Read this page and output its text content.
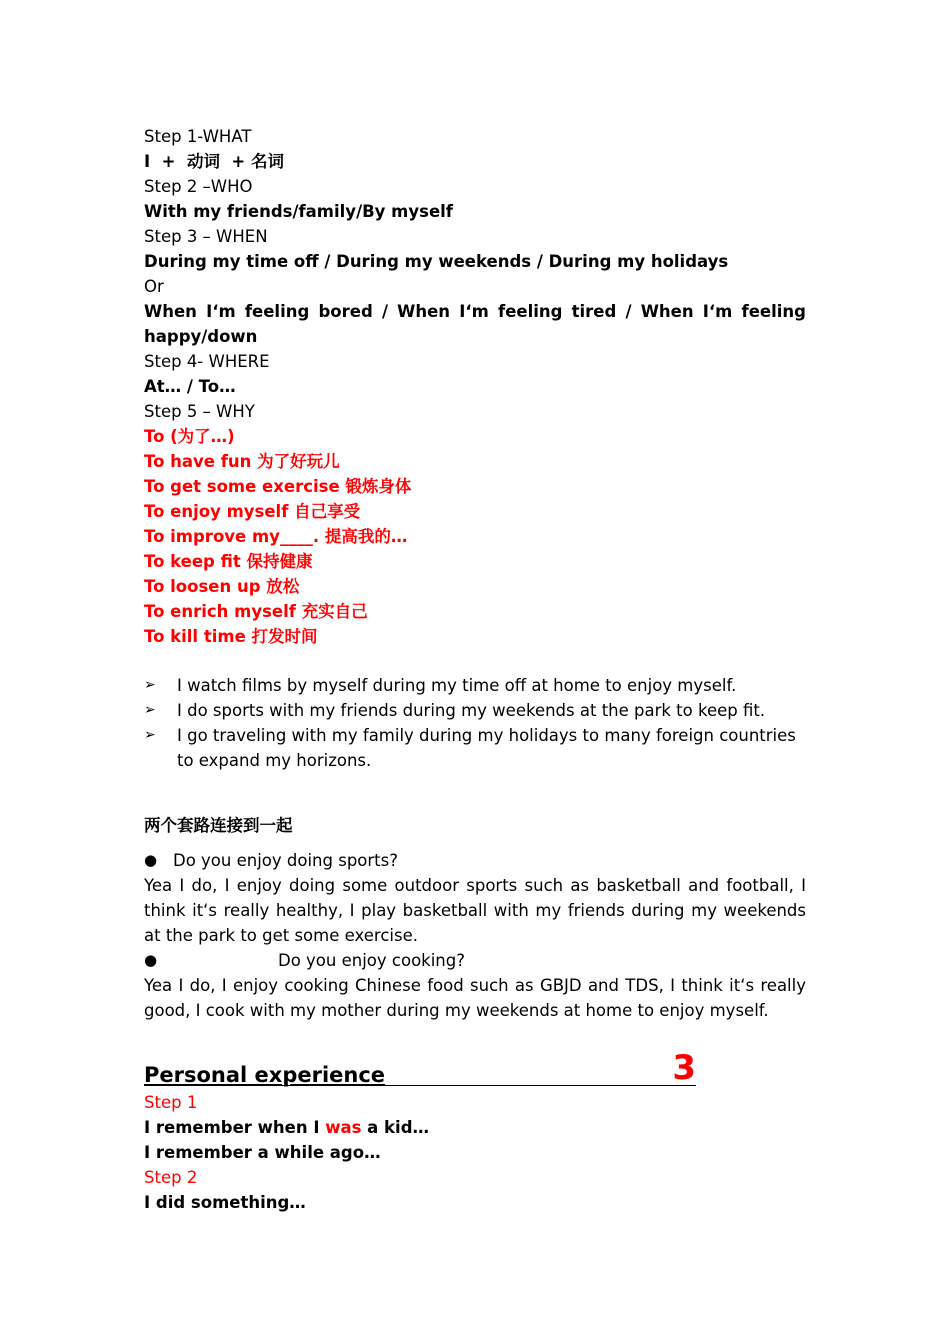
Step 1-WHAT
I  +  动词  + 名词
Step 2 –WHO
With my friends/family/By myself
Step 3 – WHEN
During my time off / During my weekends / During my holidays
Or
When I‘m feeling bored / When I‘m feeling tired / When I‘m feeling happy/down
Step 4- WHERE
At… / To…
Step 5 – WHY
To (为了…)
To have fun 为了好玩儿
To get some exercise 锻炼身体
To enjoy myself 自己享受
To improve my____. 提高我的…
To keep fit 保持健康
To loosen up 放松
To enrich myself 充实自己
To kill time 打发时间
➢ I watch films by myself during my time off at home to enjoy myself.
➢ I do sports with my friends during my weekends at the park to keep fit.
➢ I go traveling with my family during my holidays to many foreign countries to expand my horizons.
两个套路连接到一起
● Do you enjoy doing sports?
Yea I do, I enjoy doing some outdoor sports such as basketball and football, I think it‘s really healthy, I play basketball with my friends during my weekends at the park to get some exercise.
●	Do you enjoy cooking?
Yea I do, I enjoy cooking Chinese food such as GBJD and TDS, I think it‘s really good, I cook with my mother during my weekends at home to enjoy myself.
Personal experience	3
Step 1
I remember when I was a kid…
I remember a while ago…
Step 2
I did something…
